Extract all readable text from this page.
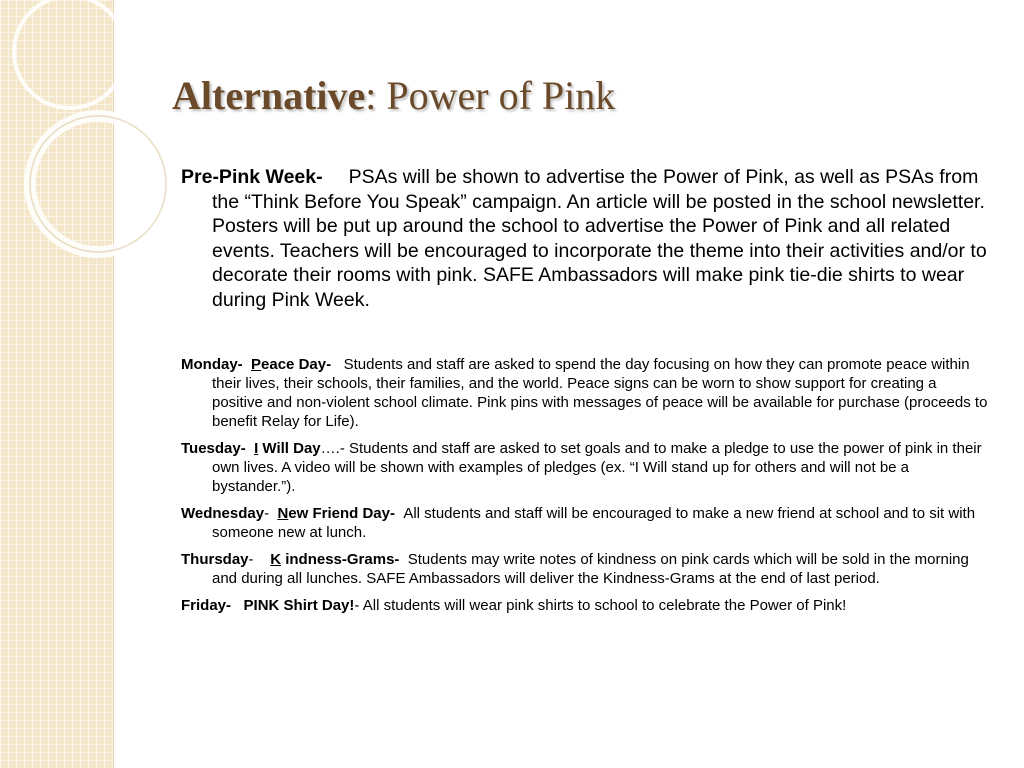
Alternative: Power of Pink

Pre-Pink Week- PSAs will be shown to advertise the Power of Pink, as well as PSAs from the “Think Before You Speak” campaign. An article will be posted in the school newsletter. Posters will be put up around the school to advertise the Power of Pink and all related events. Teachers will be encouraged to incorporate the theme into their activities and/or to decorate their rooms with pink. SAFE Ambassadors will make pink tie-die shirts to wear during Pink Week.

Monday- Peace Day- Students and staff are asked to spend the day focusing on how they can promote peace within their lives, their schools, their families, and the world. Peace signs can be worn to show support for creating a positive and non-violent school climate. Pink pins with messages of peace will be available for purchase (proceeds to benefit Relay for Life).

Tuesday- I Will Day….- Students and staff are asked to set goals and to make a pledge to use the power of pink in their own lives. A video will be shown with examples of pledges (ex. “I Will stand up for others and will not be a bystander.”).

Wednesday- New Friend Day- All students and staff will be encouraged to make a new friend at school and to sit with someone new at lunch.

Thursday- K indness-Grams- Students may write notes of kindness on pink cards which will be sold in the morning and during all lunches. SAFE Ambassadors will deliver the Kindness-Grams at the end of last period.

Friday- PINK Shirt Day!- All students will wear pink shirts to school to celebrate the Power of Pink!
